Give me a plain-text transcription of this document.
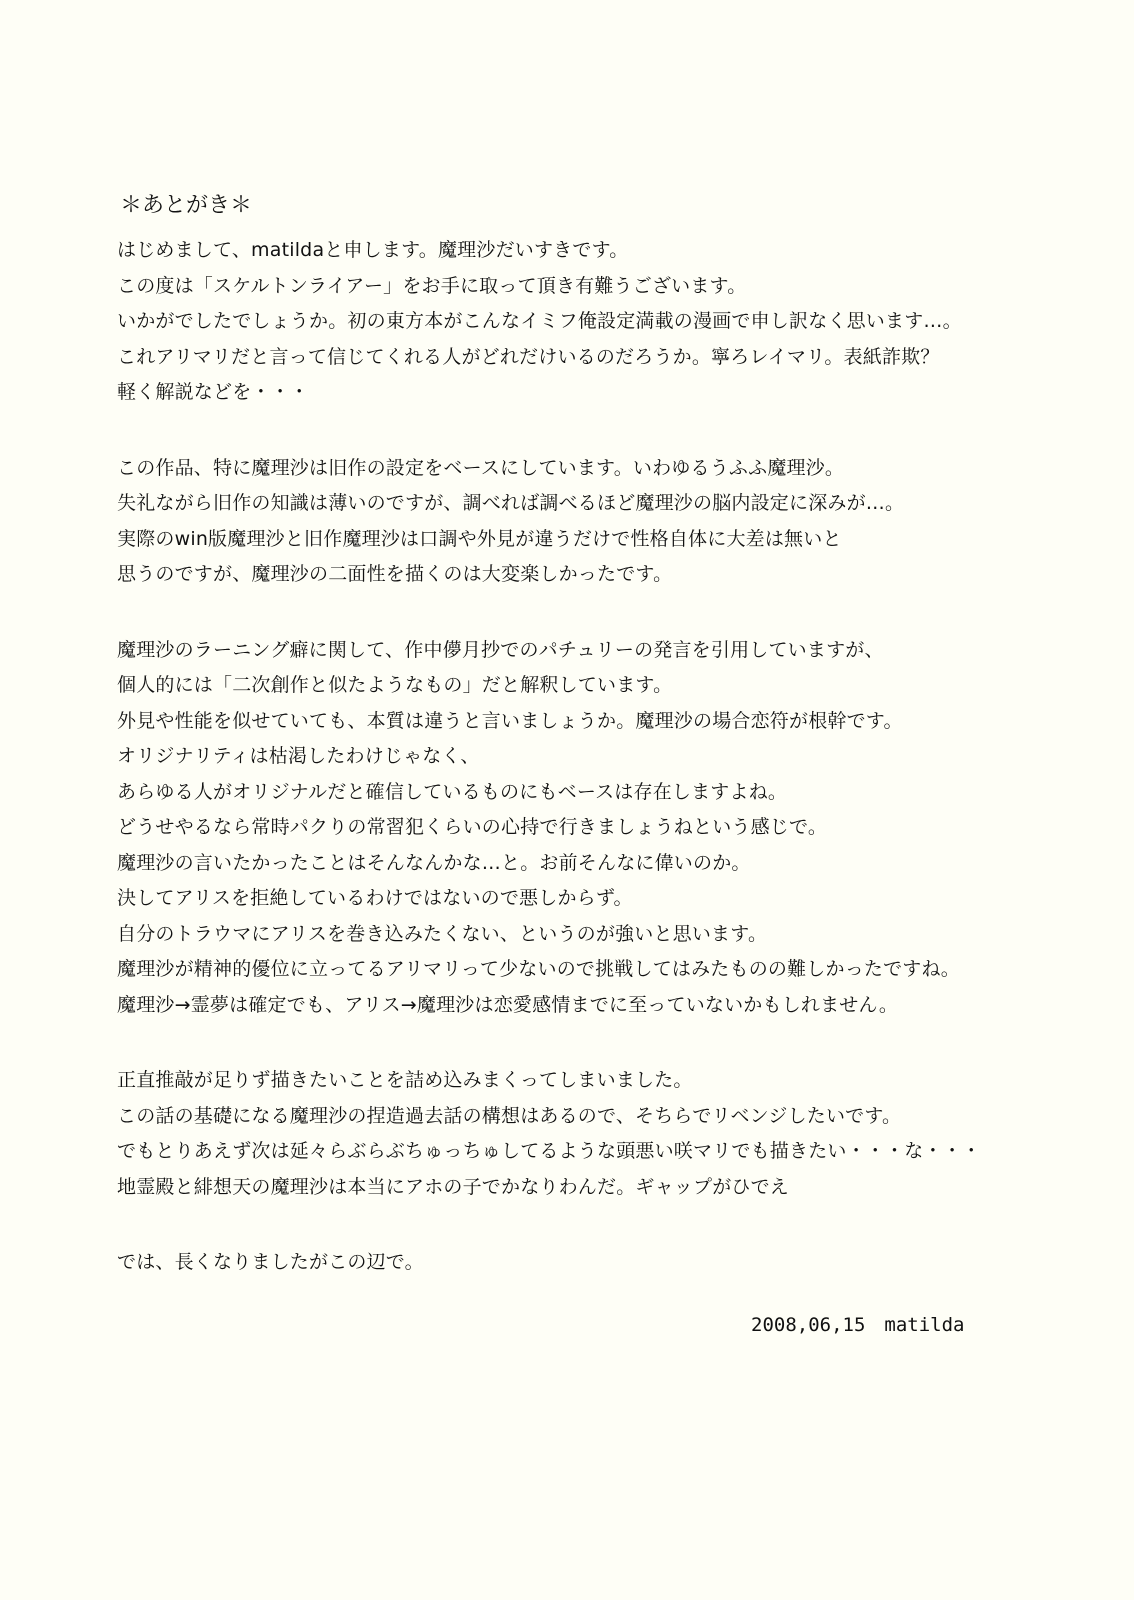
＊あとがき＊
はじめまして、matildaと申します。魔理沙だいすきです。
この度は「スケルトンライアー」をお手に取って頂き有難うございます。
いかがでしたでしょうか。初の東方本がこんなイミフ俺設定満載の漫画で申し訳なく思います…。
これアリマリだと言って信じてくれる人がどれだけいるのだろうか。寧ろレイマリ。表紙詐欺？
軽く解説などを・・・
この作品、特に魔理沙は旧作の設定をベースにしています。いわゆるうふふ魔理沙。
失礼ながら旧作の知識は薄いのですが、調べれば調べるほど魔理沙の脳内設定に深みが…。
実際のwin版魔理沙と旧作魔理沙は口調や外見が違うだけで性格自体に大差は無いと
思うのですが、魔理沙の二面性を描くのは大変楽しかったです。
魔理沙のラーニング癖に関して、作中儚月抄でのパチュリーの発言を引用していますが、
個人的には「二次創作と似たようなもの」だと解釈しています。
外見や性能を似せていても、本質は違うと言いましょうか。魔理沙の場合恋符が根幹です。
オリジナリティは枯渇したわけじゃなく、
あらゆる人がオリジナルだと確信しているものにもベースは存在しますよね。
どうせやるなら常時パクりの常習犯くらいの心持で行きましょうねという感じで。
魔理沙の言いたかったことはそんなんかな…と。お前そんなに偉いのか。
決してアリスを拒絶しているわけではないので悪しからず。
自分のトラウマにアリスを巻き込みたくない、というのが強いと思います。
魔理沙が精神的優位に立ってるアリマリって少ないので挑戦してはみたものの難しかったですね。
魔理沙→霊夢は確定でも、アリス→魔理沙は恋愛感情までに至っていないかもしれません。
正直推敲が足りず描きたいことを詰め込みまくってしまいました。
この話の基礎になる魔理沙の捏造過去話の構想はあるので、そちらでリベンジしたいです。
でもとりあえず次は延々らぶらぶちゅっちゅしてるような頭悪い咲マリでも描きたい・・・な・・・
地霊殿と緋想天の魔理沙は本当にアホの子でかなりわんだ。ギャップがひでえ
では、長くなりましたがこの辺で。
2008,06,15　matilda
